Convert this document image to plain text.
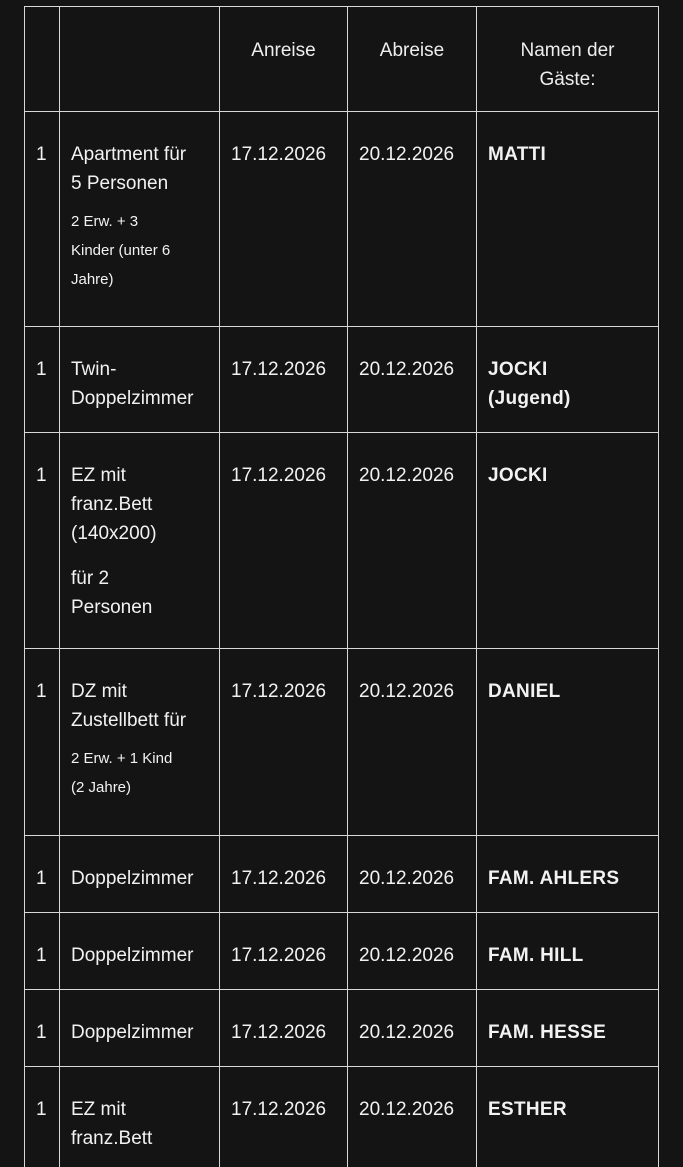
		Anreise	Abreise	Namen der
Gäste:

1	Apartment für
5 Personen
2 Erw. + 3
Kinder (unter 6
Jahre)	17.12.2026	20.12.2026	MATTI

1	Twin-
Doppelzimmer	17.12.2026	20.12.2026	JOCKI
(Jugend)

1	EZ mit
franz.Bett
(140x200)
für 2
Personen	17.12.2026	20.12.2026	JOCKI

1	DZ mit
Zustellbett für
2 Erw. + 1 Kind
(2 Jahre)	17.12.2026	20.12.2026	DANIEL

1	Doppelzimmer	17.12.2026	20.12.2026	FAM. AHLERS

1	Doppelzimmer	17.12.2026	20.12.2026	FAM. HILL

1	Doppelzimmer	17.12.2026	20.12.2026	FAM. HESSE

1	EZ mit
franz.Bett	17.12.2026	20.12.2026	ESTHER
